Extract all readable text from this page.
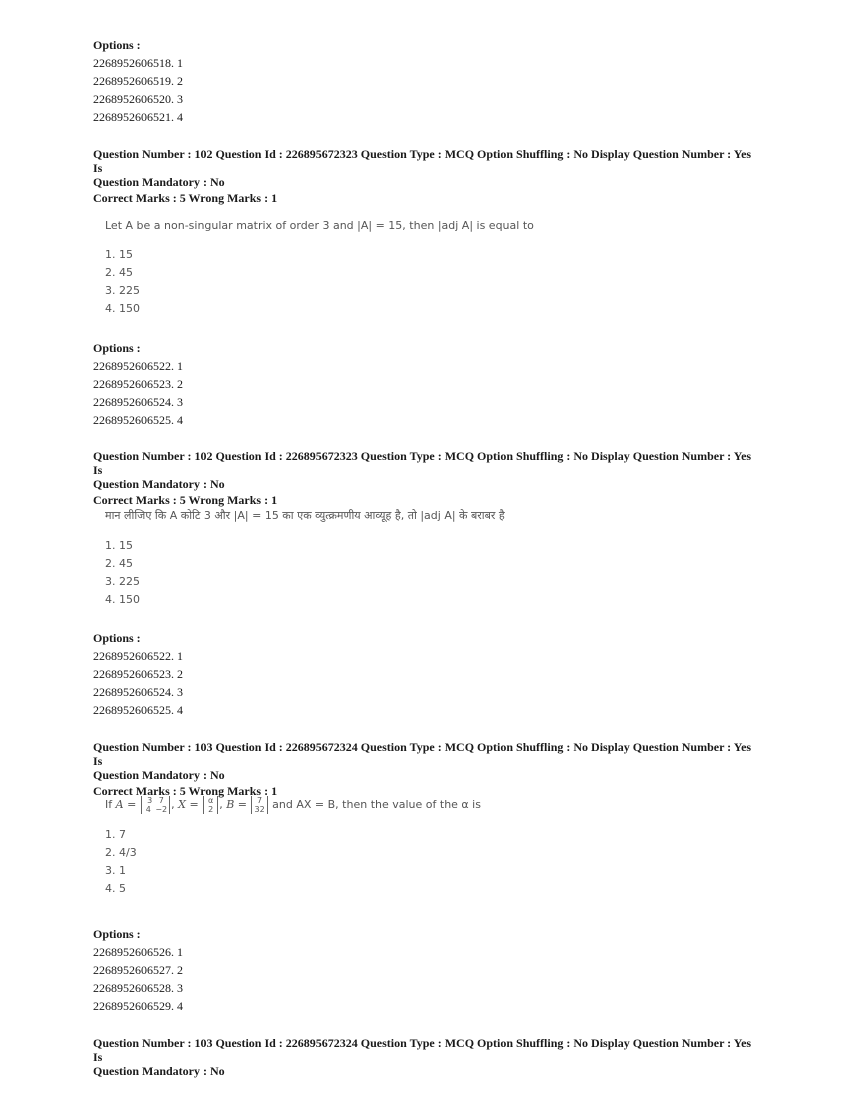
Options :

2268952606518. 1
2268952606519. 2
2268952606520. 3
2268952606521. 4
Question Number : 102 Question Id : 226895672323 Question Type : MCQ Option Shuffling : No Display Question Number : Yes Is
Question Mandatory : No
Correct Marks : 5 Wrong Marks : 1
Let A be a non-singular matrix of order 3 and |A| = 15, then |adj A| is equal to
1. 15
2. 45
3. 225
4. 150
Options :

2268952606522. 1
2268952606523. 2
2268952606524. 3
2268952606525. 4
Question Number : 102 Question Id : 226895672323 Question Type : MCQ Option Shuffling : No Display Question Number : Yes Is
Question Mandatory : No
Correct Marks : 5 Wrong Marks : 1
मान लीजिए कि A कोटि 3 और |A| = 15 का एक व्युत्क्रमणीय आव्यूह है, तो |adj A| के बराबर है
1. 15
2. 45
3. 225
4. 150
Options :

2268952606522. 1
2268952606523. 2
2268952606524. 3
2268952606525. 4
Question Number : 103 Question Id : 226895672324 Question Type : MCQ Option Shuffling : No Display Question Number : Yes Is
Question Mandatory : No
Correct Marks : 5 Wrong Marks : 1
If A =	3 7
4 −2 , X = α
2 , B =	7
32 and AX = B, then the value of the α is
1. 7
2. 4/3
3. 1
4. 5
Options :

2268952606526. 1
2268952606527. 2
2268952606528. 3
2268952606529. 4
Question Number : 103 Question Id : 226895672324 Question Type : MCQ Option Shuffling : No Display Question Number : Yes Is
Question Mandatory : No
